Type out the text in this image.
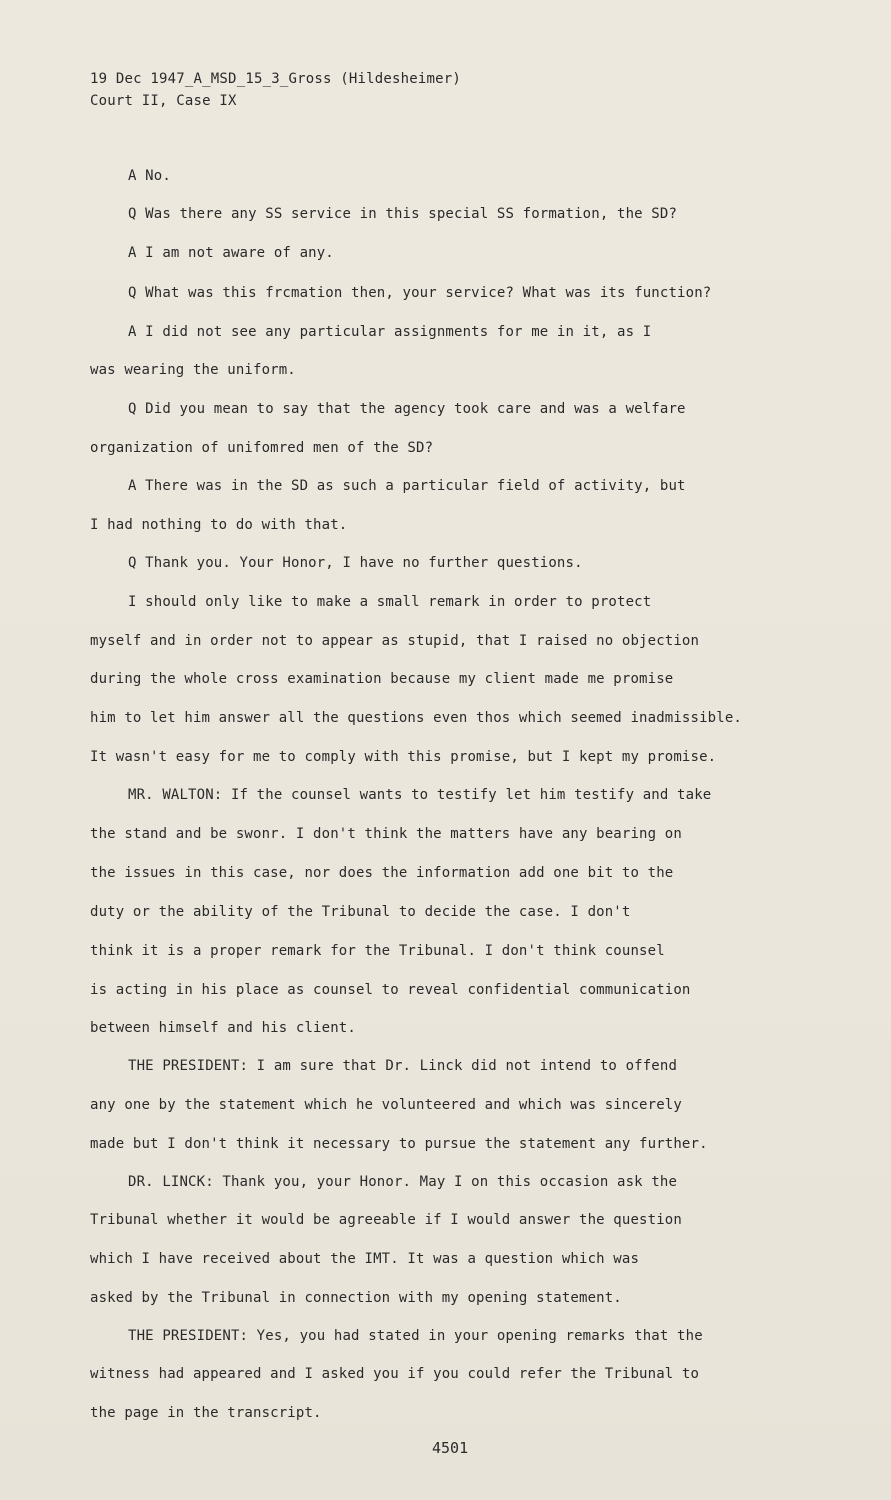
19 Dec 1947_A_MSD_15_3_Gross (Hildesheimer)
Court II, Case IX
A No.
Q Was there any SS service in this special SS formation, the SD?
A I am not aware of any.
Q What was this frcmation then, your service? What was its function?
A I did not see any particular assignments for me in it, as I
was wearing the uniform.
Q Did you mean to say that the agency took care and was a welfare
organization of unifomred men of the SD?
A There was in the SD as such a particular field of activity, but
I had nothing to do with that.
Q Thank you. Your Honor, I have no further questions.
I should only like to make a small remark in order to protect
myself and in order not to appear as stupid, that I raised no objection
during the whole cross examination because my client made me promise
him to let him answer all the questions even thos which seemed inadmissible.
It wasn't easy for me to comply with this promise, but I kept my promise.
MR. WALTON: If the counsel wants to testify let him testify and take
the stand and be swonr. I don't think the matters have any bearing on
the issues in this case, nor does the information add one bit to the
duty or the ability of the Tribunal to decide the case. I don't
think it is a proper remark for the Tribunal. I don't think counsel
is acting in his place as counsel to reveal confidential communication
between himself and his client.
THE PRESIDENT: I am sure that Dr. Linck did not intend to offend
any one by the statement which he volunteered and which was sincerely
made but I don't think it necessary to pursue the statement any further.
DR. LINCK: Thank you, your Honor. May I on this occasion ask the
Tribunal whether it would be agreeable if I would answer the question
which I have received about the IMT. It was a question which was
asked by the Tribunal in connection with my opening statement.
THE PRESIDENT: Yes, you had stated in your opening remarks that the
witness had appeared and I asked you if you could refer the Tribunal to
the page in the transcript.
4501
